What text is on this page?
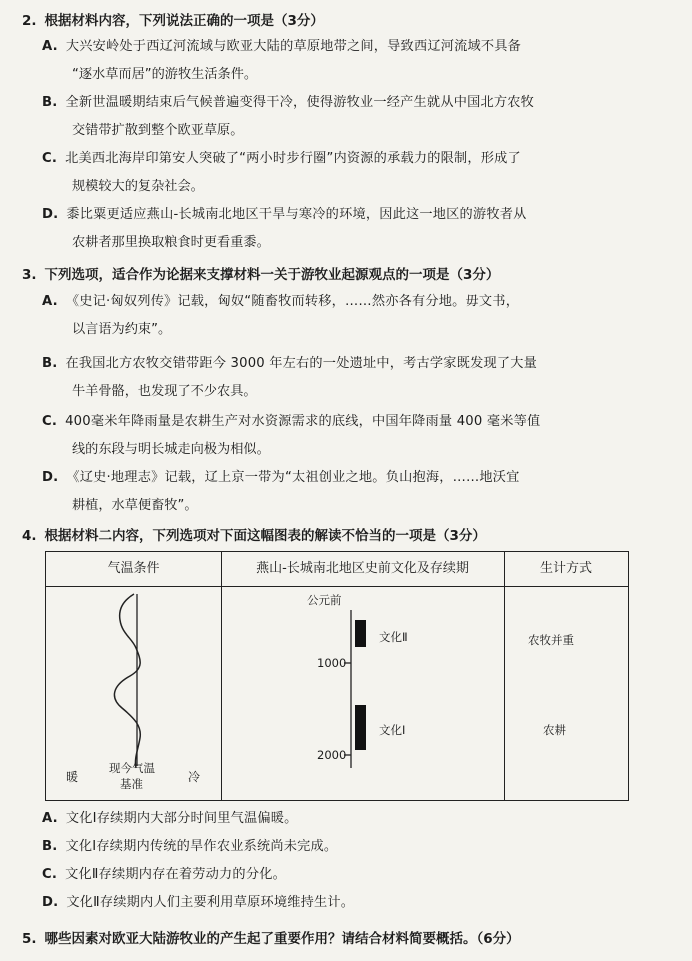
2. 根据材料内容，下列说法正确的一项是（3分）
A. 大兴安岭处于西辽河流域与欧亚大陆的草原地带之间，导致西辽河流域不具备
“逐水草而居”的游牧生活条件。
B. 全新世温暖期结束后气候普遍变得干冷，使得游牧业一经产生就从中国北方农牧
交错带扩散到整个欧亚草原。
C. 北美西北海岸印第安人突破了“两小时步行圈”内资源的承载力的限制，形成了
规模较大的复杂社会。
D. 黍比粟更适应燕山-长城南北地区干旱与寒冷的环境，因此这一地区的游牧者从
农耕者那里换取粮食时更看重黍。
3. 下列选项，适合作为论据来支撑材料一关于游牧业起源观点的一项是（3分）
A. 《史记·匈奴列传》记载，匈奴“随畜牧而转移，……然亦各有分地。毋文书，
以言语为约束”。
B. 在我国北方农牧交错带距今 3000 年左右的一处遗址中，考古学家既发现了大量
牛羊骨骼，也发现了不少农具。
C. 400毫米年降雨量是农耕生产对水资源需求的底线，中国年降雨量 400 毫米等值
线的东段与明长城走向极为相似。
D. 《辽史·地理志》记载，辽上京一带为“太祖创业之地。负山抱海，……地沃宜
耕植，水草便畜牧”。
4. 根据材料二内容，下列选项对下面这幅图表的解读不恰当的一项是（3分）
气温条件	燕山-长城南北地区史前文化及存续期	生计方式
暖	冷
现今气温
基准
公元前
1000
2000
文化Ⅱ
文化Ⅰ
农牧并重
农耕
A. 文化Ⅰ存续期内大部分时间里气温偏暖。
B. 文化Ⅰ存续期内传统的旱作农业系统尚未完成。
C. 文化Ⅱ存续期内存在着劳动力的分化。
D. 文化Ⅱ存续期内人们主要利用草原环境维持生计。
5. 哪些因素对欧亚大陆游牧业的产生起了重要作用？请结合材料简要概括。（6分）
